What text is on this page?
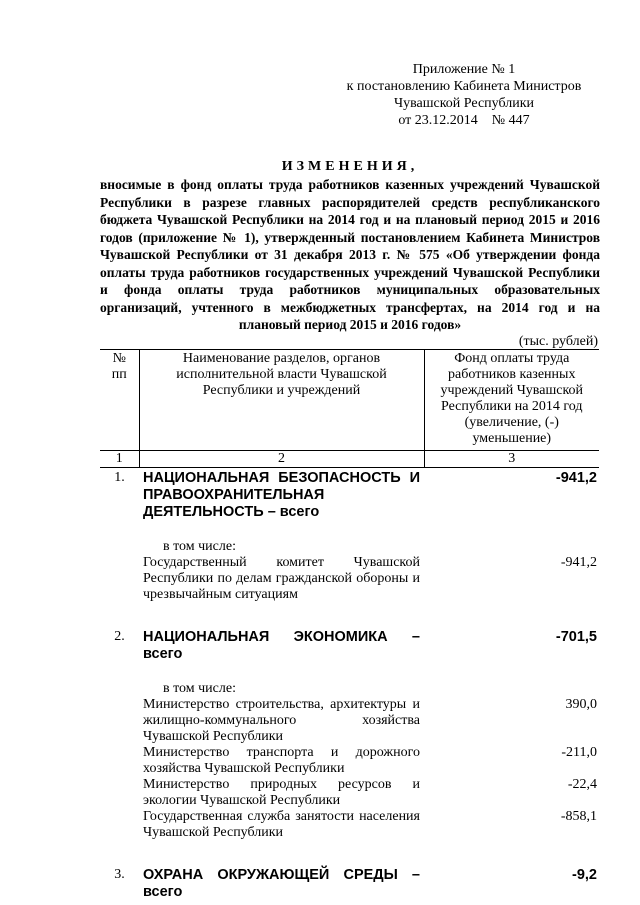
Приложение № 1
к постановлению Кабинета Министров
Чувашской Республики
от 23.12.2014    № 447
ИЗМЕНЕНИЯ,
вносимые в фонд оплаты труда работников казенных учреждений Чувашской Республики в разрезе главных распорядителей средств республиканского бюджета Чувашской Республики на 2014 год и на плановый период 2015 и 2016 годов (приложение № 1), утвержденный постановлением Кабинета Министров Чувашской Республики от 31 декабря 2013 г. № 575 «Об утверждении фонда оплаты труда работников государственных учреждений Чувашской Республики и фонда оплаты труда работников муниципальных образовательных организаций, учтенного в межбюджетных трансфертах, на 2014 год и на плановый период 2015 и 2016 годов»
(тыс. рублей)
№ пп	Наименование разделов, органов исполнительной власти Чувашской Республики и учреждений	Фонд оплаты труда работников казенных учреждений Чувашской Республики на 2014 год (увеличение, (-) уменьшение)
1	2	3
1.	НАЦИОНАЛЬНАЯ БЕЗОПАСНОСТЬ И ПРАВООХРАНИТЕЛЬНАЯ ДЕЯТЕЛЬНОСТЬ – всего	-941,2

	в том числе:	
	Государственный комитет Чувашской Республики по делам гражданской обороны и чрезвычайным ситуациям	-941,2

2.	НАЦИОНАЛЬНАЯ ЭКОНОМИКА – всего	-701,5

	в том числе:	
	Министерство строительства, архитектуры и жилищно-коммунального хозяйства Чувашской Республики	390,0
	Министерство транспорта и дорожного хозяйства Чувашской Республики	-211,0
	Министерство природных ресурсов и экологии Чувашской Республики	-22,4
	Государственная служба занятости населения Чувашской Республики	-858,1

3.	ОХРАНА ОКРУЖАЮЩЕЙ СРЕДЫ – всего	-9,2
